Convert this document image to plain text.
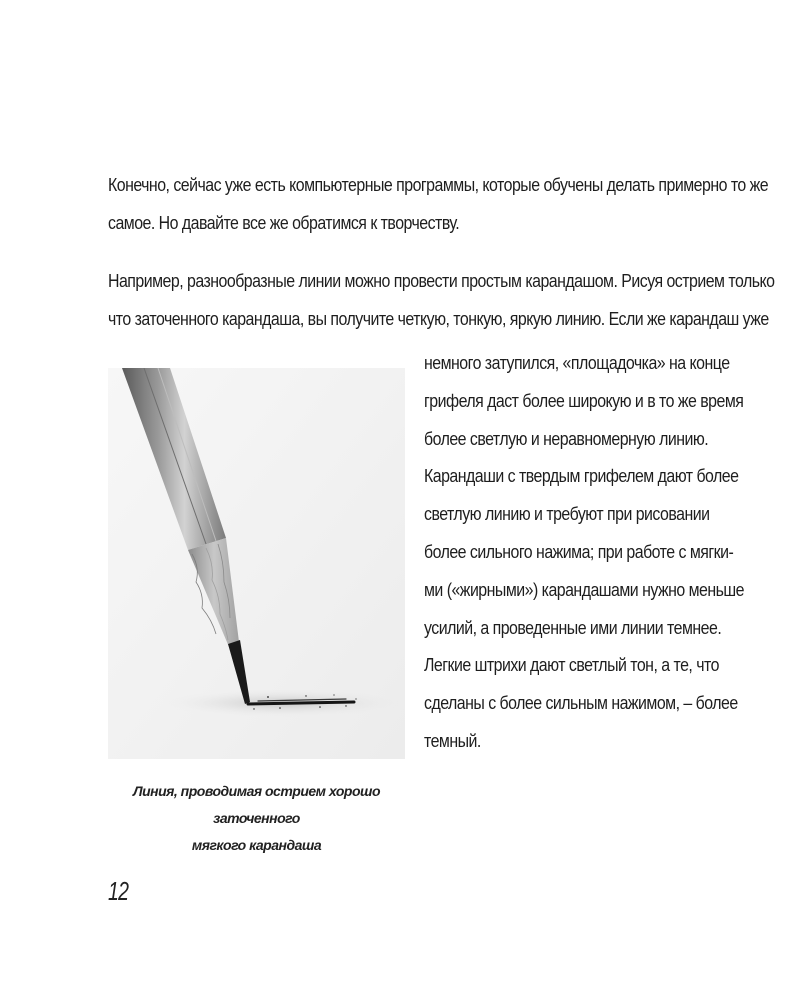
Конечно, сейчас уже есть компьютерные программы, которые обучены делать примерно то же
самое. Но давайте все же обратимся к творчеству.

Например, разнообразные линии можно провести простым карандашом. Рисуя острием только
что заточенного карандаша, вы получите четкую, тонкую, яркую линию. Если же карандаш уже

Линия, проводимая острием хорошо заточенного
мягкого карандаша
немного затупился, «площадочка» на конце
грифеля даст более широкую и в то же время
более светлую и неравномерную линию.
Карандаши с твердым грифелем дают более
светлую линию и требуют при рисовании
более сильного нажима; при работе с мягки-
ми («жирными») карандашами нужно меньше
усилий, а проведенные ими линии темнее.
Легкие штрихи дают светлый тон, а те, что
сделаны с более сильным нажимом, – более
темный.
12
